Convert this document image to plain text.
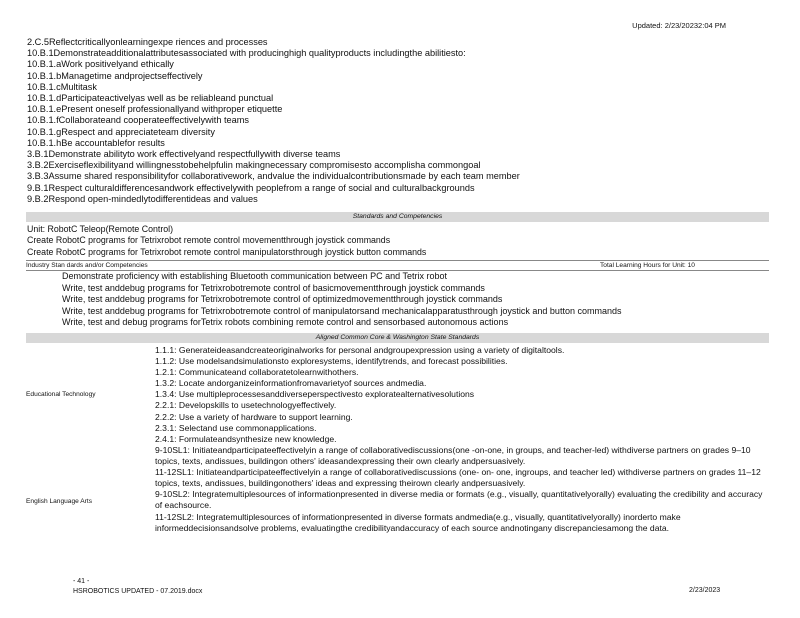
Updated: 2/23/20232:04 PM
2.C.5Reflectcriticallyonlearningexpe riences and processes
10.B.1Demonstrateadditionalattributesassociated with producinghigh qualityproducts includingthe abilitiesto:
10.B.1.aWork positivelyand ethically
10.B.1.bManagetime andprojectseffectively
10.B.1.cMultitask
10.B.1.dParticipateactivelyas well as be reliableand punctual
10.B.1.ePresent oneself professionallyand withproper etiquette
10.B.1.fCollaborateand cooperateeffectivelywith teams
10.B.1.gRespect and appreciateteam diversity
10.B.1.hBe accountablefor results
3.B.1Demonstrate abilityto work effectivelyand respectfullywith diverse teams
3.B.2Exerciseflexibilityand willingnesstobehelpfulin makingnecessary compromisesto accomplisha commongoal
3.B.3Assume shared responsibilityfor collaborativework, andvalue the individualcontributionsmade by each team member
9.B.1Respect culturaldifferencesandwork effectivelywith peoplefrom a range of social and culturalbackgrounds
9.B.2Respond open-mindedlytodifferentideas and values
Standards and Competencies
Unit: RobotC Teleop(Remote Control)
Create RobotC programs for Tetrixrobot remote control movementthrough joystick commands
Create RobotC programs for Tetrixrobot remote control manipulatorsthrough joystick button commands
Industry Stan dards and/or Competencies	Total Learning Hours for Unit: 10
Demonstrate proficiency with establishing Bluetooth communication between PC and Tetrix robot
Write, test anddebug programs for Tetrixrobotremote control of basicmovementthrough joystick commands
Write, test anddebug programs for Tetrixrobotremote control of optimizedmovementthrough joystick commands
Write, test anddebug programs for Tetrixrobotremote control of manipulatorsand mechanicalapparatusthrough joystick and button commands
Write, test and debug programs forTetrix robots combining remote control and sensorbased autonomous actions
Aligned Common Core & Washington State Standards
Educational Technology
1.1.1: Generateideasandcreateoriginalworks for personal andgroupexpression using a variety of digitaltools.
1.1.2: Use modelsandsimulationsto exploresystems, identifytrends, and forecast possibilities.
1.2.1: Communicateand collaboratetolearnwithothers.
1.3.2: Locate andorganizeinformationfromavarietyof sources andmedia.
1.3.4: Use multipleprocessesanddiverseperspectivesto exploratealternativesolutions
2.2.1: Developskills to usetechnologyeffectively.
2.2.2: Use a variety of hardware to support learning.
2.3.1: Selectand use commonapplications.
2.4.1: Formulateandsynthesize new knowledge.
English Language Arts
9-10SL1: Initiateandparticipateeffectivelyin a range of collaborativediscussions(one -on-one, in groups, and teacher-led) withdiverse partners on grades 9–10 topics, texts, andissues, buildingon others' ideasandexpressing their own clearly andpersuasively.
11-12SL1: Initiateandparticipateeffectivelyin a range of collaborativediscussions (one- on- one, ingroups, and teacher led) withdiverse partners on grades 11–12 topics, texts, andissues, buildingonothers' ideas and expressing theirown clearly andpersuasively.
9-10SL2: Integratemultiplesources of informationpresented in diverse media or formats (e.g., visually, quantitativelyorally) evaluating the credibility and accuracy of eachsource.
11-12SL2: Integratemultiplesources of informationpresented in diverse formats andmedia(e.g., visually, quantitativelyorally) inorderto make informeddecisionsandsolve problems, evaluatingthe credibilityandaccuracy of each source andnotingany discrepanciesamong the data.
- 41 -
HSROBOTICS UPDATED - 07.2019.docx	2/23/2023
